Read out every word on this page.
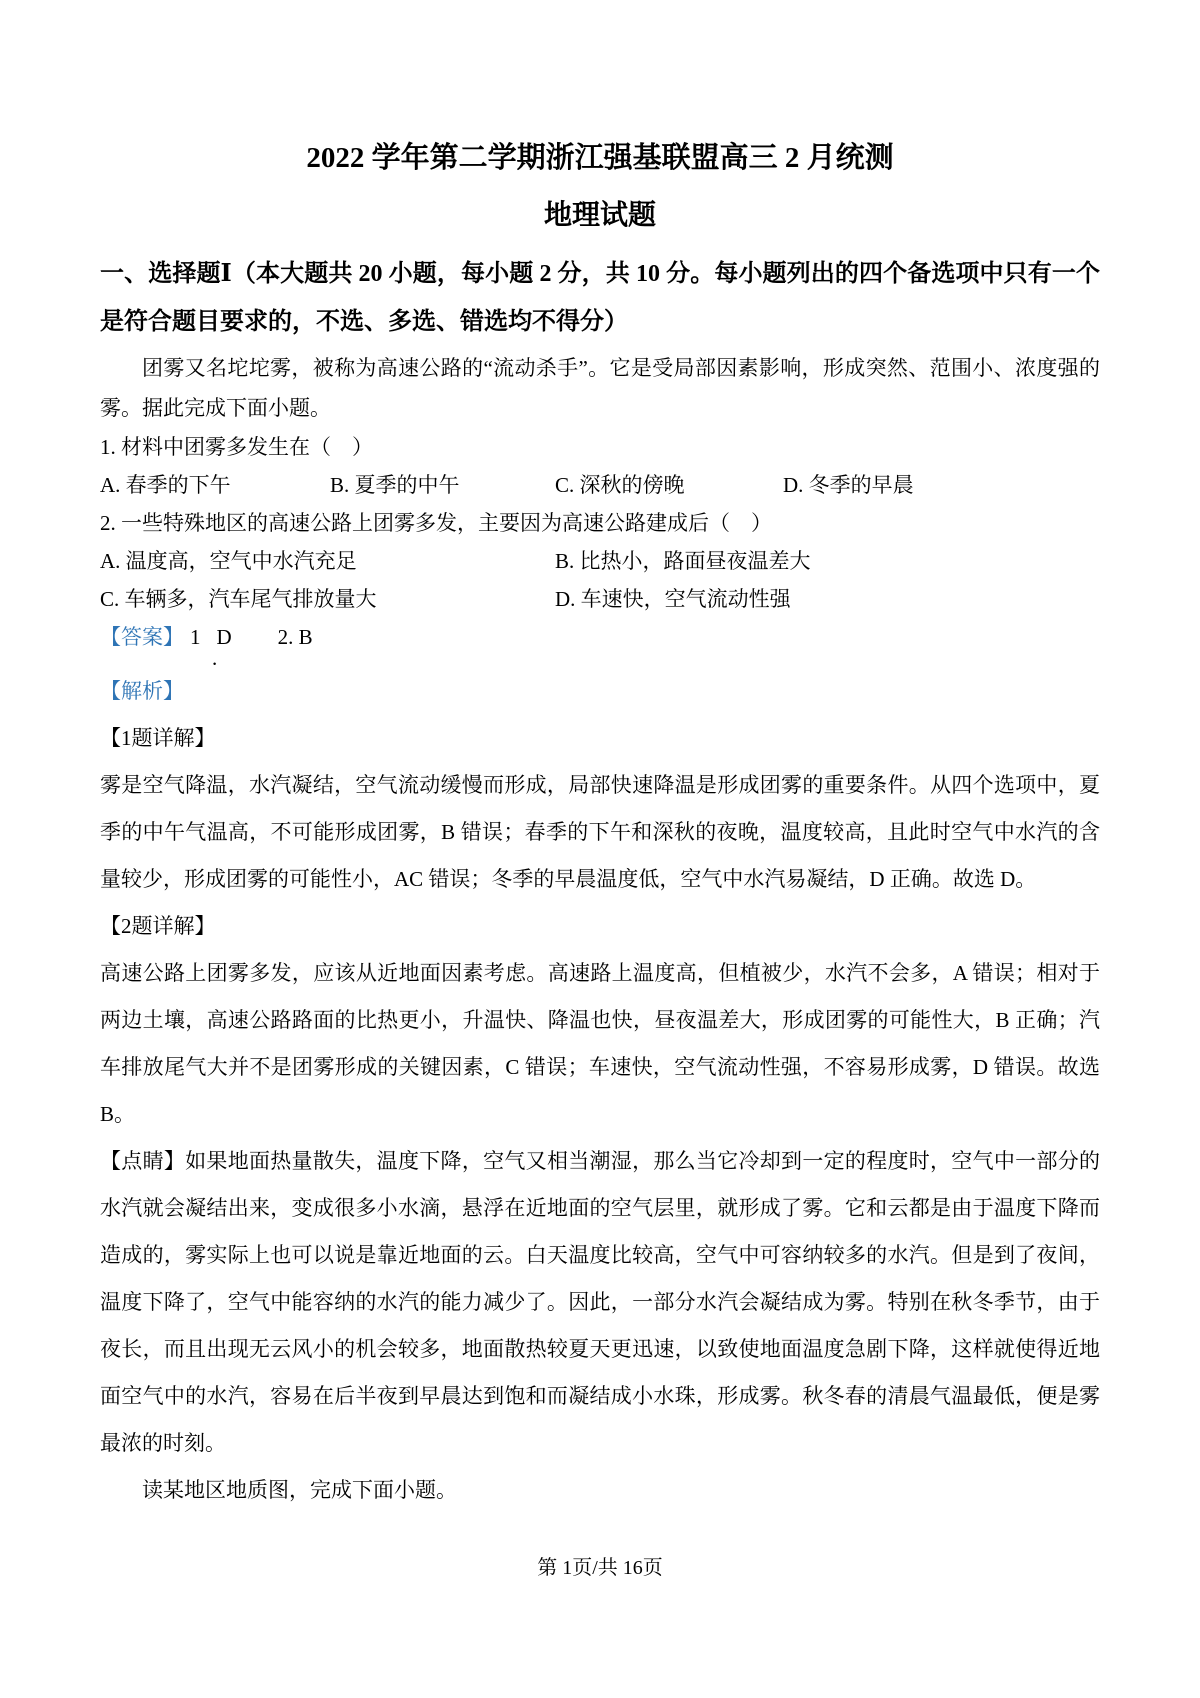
2022 学年第二学期浙江强基联盟高三 2 月统测
地理试题

一、选择题Ⅰ（本大题共 20 小题，每小题 2 分，共 10 分。每小题列出的四个备选项中只有一个是符合题目要求的，不选、多选、错选均不得分）

团雾又名坨坨雾，被称为高速公路的“流动杀手”。它是受局部因素影响，形成突然、范围小、浓度强的雾。据此完成下面小题。

1. 材料中团雾多发生在（　）

A. 春季的下午	B. 夏季的中午	C. 深秋的傍晚	D. 冬季的早晨

2. 一些特殊地区的高速公路上团雾多发，主要因为高速公路建成后（　）

A. 温度高，空气中水汽充足	B. 比热小，路面昼夜温差大
C. 车辆多，汽车尾气排放量大	D. 车速快，空气流动性强
【答案】 1 D 2. B
.

【解析】

【1题详解】

雾是空气降温，水汽凝结，空气流动缓慢而形成，局部快速降温是形成团雾的重要条件。从四个选项中，夏季的中午气温高，不可能形成团雾，B 错误；春季的下午和深秋的夜晚，温度较高，且此时空气中水汽的含量较少，形成团雾的可能性小，AC 错误；冬季的早晨温度低，空气中水汽易凝结，D 正确。故选 D。

【2题详解】

高速公路上团雾多发，应该从近地面因素考虑。高速路上温度高，但植被少，水汽不会多，A 错误；相对于两边土壤，高速公路路面的比热更小，升温快、降温也快，昼夜温差大，形成团雾的可能性大，B 正确；汽车排放尾气大并不是团雾形成的关键因素，C 错误；车速快，空气流动性强，不容易形成雾，D 错误。故选 B。

【点睛】如果地面热量散失，温度下降，空气又相当潮湿，那么当它冷却到一定的程度时，空气中一部分的水汽就会凝结出来，变成很多小水滴，悬浮在近地面的空气层里，就形成了雾。它和云都是由于温度下降而造成的，雾实际上也可以说是靠近地面的云。白天温度比较高，空气中可容纳较多的水汽。但是到了夜间，温度下降了，空气中能容纳的水汽的能力减少了。因此，一部分水汽会凝结成为雾。特别在秋冬季节，由于夜长，而且出现无云风小的机会较多，地面散热较夏天更迅速，以致使地面温度急剧下降，这样就使得近地面空气中的水汽，容易在后半夜到早晨达到饱和而凝结成小水珠，形成雾。秋冬春的清晨气温最低，便是雾最浓的时刻。

读某地区地质图，完成下面小题。

第 1页/共 16页
